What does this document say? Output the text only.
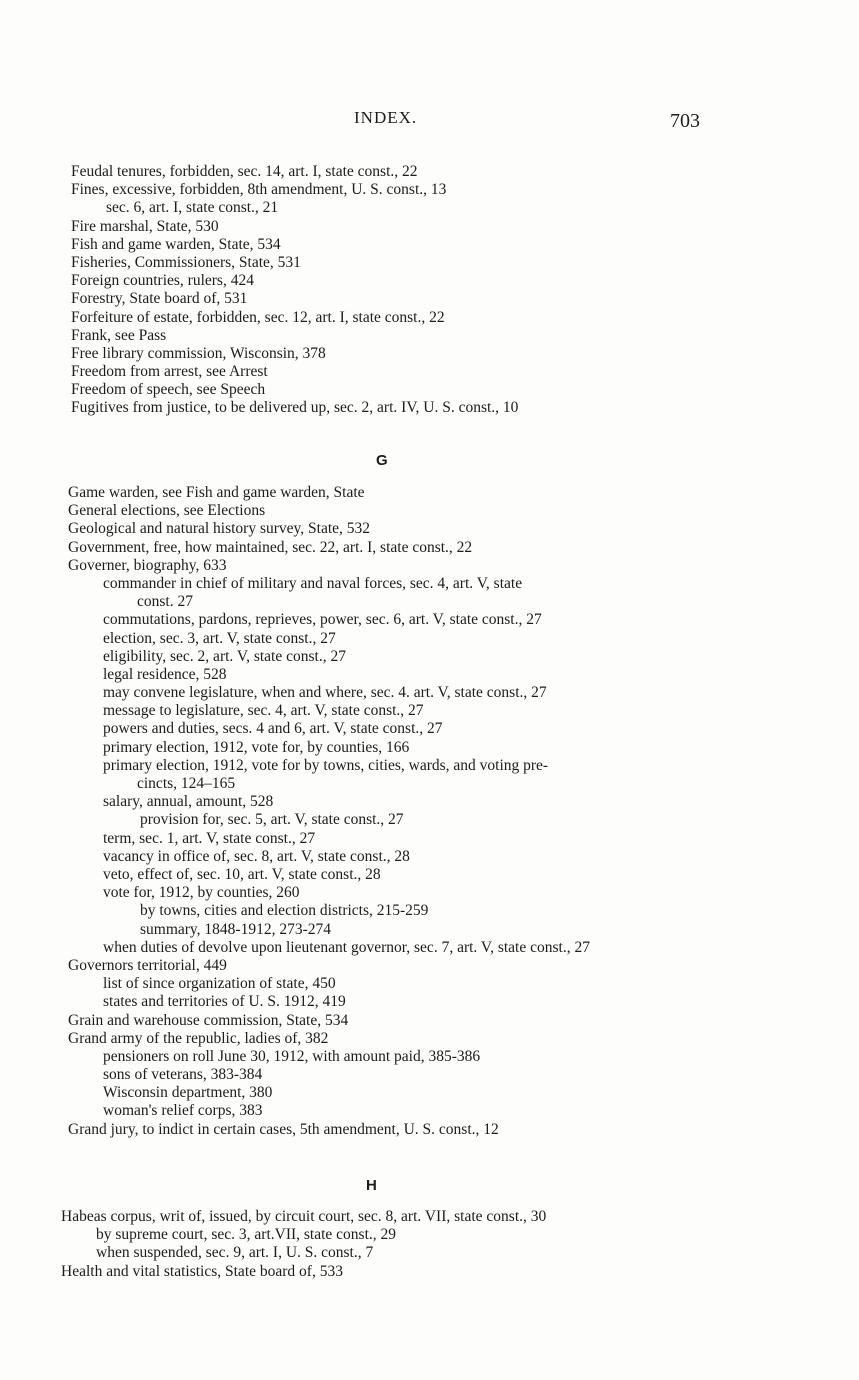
INDEX.	703
Feudal tenures, forbidden, sec. 14, art. I, state const., 22
Fines, excessive, forbidden, 8th amendment, U. S. const., 13
sec. 6, art. I, state const., 21
Fire marshal, State, 530
Fish and game warden, State, 534
Fisheries, Commissioners, State, 531
Foreign countries, rulers, 424
Forestry, State board of, 531
Forfeiture of estate, forbidden, sec. 12, art. I, state const., 22
Frank, see Pass
Free library commission, Wisconsin, 378
Freedom from arrest, see Arrest
Freedom of speech, see Speech
Fugitives from justice, to be delivered up, sec. 2, art. IV, U. S. const., 10
G
Game warden, see Fish and game warden, State
General elections, see Elections
Geological and natural history survey, State, 532
Government, free, how maintained, sec. 22, art. I, state const., 22
Governer, biography, 633
commander in chief of military and naval forces, sec. 4, art. V, state
const. 27
commutations, pardons, reprieves, power, sec. 6, art. V, state const., 27
election, sec. 3, art. V, state const., 27
eligibility, sec. 2, art. V, state const., 27
legal residence, 528
may convene legislature, when and where, sec. 4. art. V, state const., 27
message to legislature, sec. 4, art. V, state const., 27
powers and duties, secs. 4 and 6, art. V, state const., 27
primary election, 1912, vote for, by counties, 166
primary election, 1912, vote for by towns, cities, wards, and voting pre-
cincts, 124–165
salary, annual, amount, 528
provision for, sec. 5, art. V, state const., 27
term, sec. 1, art. V, state const., 27
vacancy in office of, sec. 8, art. V, state const., 28
veto, effect of, sec. 10, art. V, state const., 28
vote for, 1912, by counties, 260
by towns, cities and election districts, 215-259
summary, 1848-1912, 273-274
when duties of devolve upon lieutenant governor, sec. 7, art. V, state const., 27
Governors territorial, 449
list of since organization of state, 450
states and territories of U. S. 1912, 419
Grain and warehouse commission, State, 534
Grand army of the republic, ladies of, 382
pensioners on roll June 30, 1912, with amount paid, 385-386
sons of veterans, 383-384
Wisconsin department, 380
woman's relief corps, 383
Grand jury, to indict in certain cases, 5th amendment, U. S. const., 12
H
Habeas corpus, writ of, issued, by circuit court, sec. 8, art. VII, state const., 30
by supreme court, sec. 3, art.VII, state const., 29
when suspended, sec. 9, art. I, U. S. const., 7
Health and vital statistics, State board of, 533
